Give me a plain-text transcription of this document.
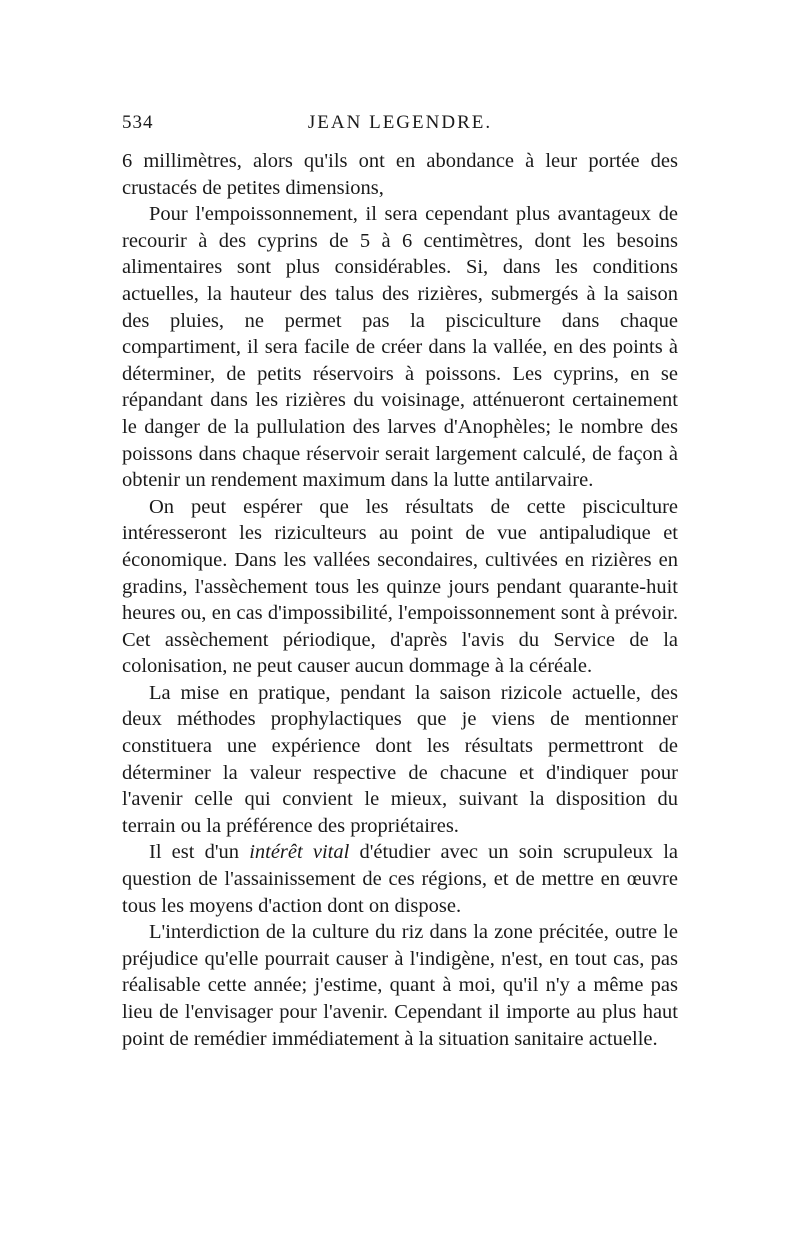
534	JEAN LEGENDRE.

6 millimètres, alors qu'ils ont en abondance à leur portée des crustacés de petites dimensions,

Pour l'empoissonnement, il sera cependant plus avantageux de recourir à des cyprins de 5 à 6 centimètres, dont les besoins alimentaires sont plus considérables. Si, dans les conditions actuelles, la hauteur des talus des rizières, submergés à la saison des pluies, ne permet pas la pisciculture dans chaque compartiment, il sera facile de créer dans la vallée, en des points à déterminer, de petits réservoirs à poissons. Les cyprins, en se répandant dans les rizières du voisinage, atténueront certainement le danger de la pullulation des larves d'Anophèles; le nombre des poissons dans chaque réservoir serait largement calculé, de façon à obtenir un rendement maximum dans la lutte antilarvaire.

On peut espérer que les résultats de cette pisciculture intéresseront les riziculteurs au point de vue antipaludique et économique. Dans les vallées secondaires, cultivées en rizières en gradins, l'assèchement tous les quinze jours pendant quarante-huit heures ou, en cas d'impossibilité, l'empoissonnement sont à prévoir. Cet assèchement périodique, d'après l'avis du Service de la colonisation, ne peut causer aucun dommage à la céréale.

La mise en pratique, pendant la saison rizicole actuelle, des deux méthodes prophylactiques que je viens de mentionner constituera une expérience dont les résultats permettront de déterminer la valeur respective de chacune et d'indiquer pour l'avenir celle qui convient le mieux, suivant la disposition du terrain ou la préférence des propriétaires.

Il est d'un intérêt vital d'étudier avec un soin scrupuleux la question de l'assainissement de ces régions, et de mettre en œuvre tous les moyens d'action dont on dispose.

L'interdiction de la culture du riz dans la zone précitée, outre le préjudice qu'elle pourrait causer à l'indigène, n'est, en tout cas, pas réalisable cette année; j'estime, quant à moi, qu'il n'y a même pas lieu de l'envisager pour l'avenir. Cependant il importe au plus haut point de remédier immédiatement à la situation sanitaire actuelle.
